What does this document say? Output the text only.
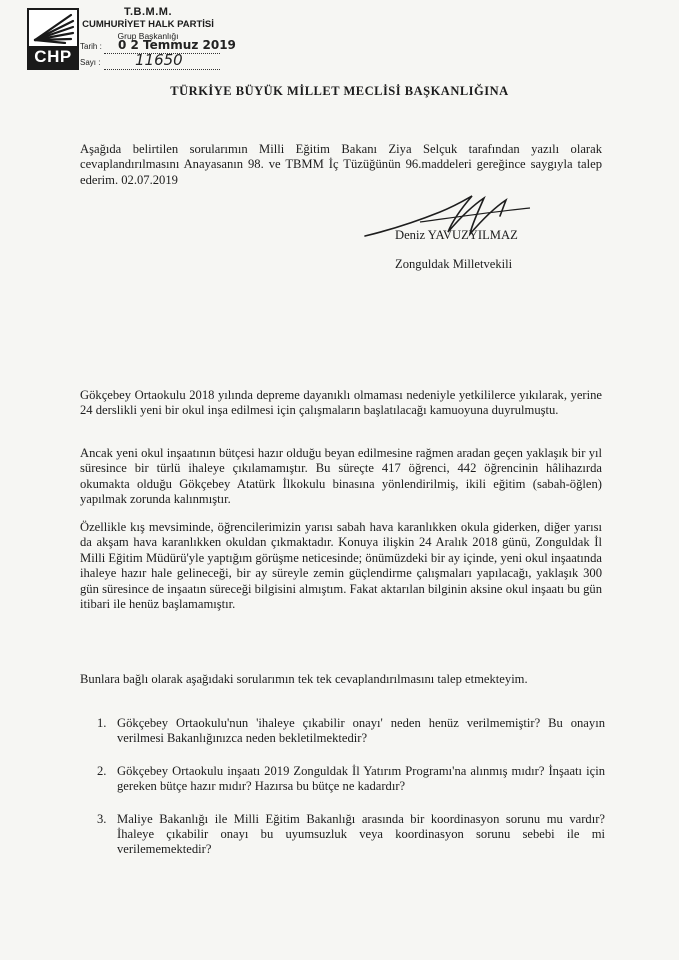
CHP
T.B.M.M.
CUMHURİYET HALK PARTİSİ
Grup Başkanlığı
Tarih : 0 2 Temmuz 2019
Sayı : 11650
TÜRKİYE BÜYÜK MİLLET MECLİSİ BAŞKANLIĞINA
Aşağıda belirtilen sorularımın Milli Eğitim Bakanı Ziya Selçuk tarafından yazılı olarak cevaplandırılmasını Anayasanın 98. ve TBMM İç Tüzüğünün 96.maddeleri gereğince saygıyla talep ederim. 02.07.2019
Deniz YAVUZYILMAZ
Zonguldak Milletvekili
Gökçebey Ortaokulu 2018 yılında depreme dayanıklı olmaması nedeniyle yetkililerce yıkılarak, yerine 24 derslikli yeni bir okul inşa edilmesi için çalışmaların başlatılacağı kamuoyuna duyrulmuştu.
Ancak yeni okul inşaatının bütçesi hazır olduğu beyan edilmesine rağmen aradan geçen yaklaşık bir yıl süresince bir türlü ihaleye çıkılamamıştır. Bu süreçte 417 öğrenci, 442 öğrencinin hâlihazırda okumakta olduğu Gökçebey Atatürk İlkokulu binasına yönlendirilmiş, ikili eğitim (sabah-öğlen) yapılmak zorunda kalınmıştır.
Özellikle kış mevsiminde, öğrencilerimizin yarısı sabah hava karanlıkken okula giderken, diğer yarısı da akşam hava karanlıkken okuldan çıkmaktadır. Konuya ilişkin 24 Aralık 2018 günü, Zonguldak İl Milli Eğitim Müdürü'yle yaptığım görüşme neticesinde; önümüzdeki bir ay içinde, yeni okul inşaatında ihaleye hazır hale gelineceği, bir ay süreyle zemin güçlendirme çalışmaları yapılacağı, yaklaşık 300 gün süresince de inşaatın süreceği bilgisini almıştım. Fakat aktarılan bilginin aksine okul inşaatı bu gün itibari ile henüz başlamamıştır.
Bunlara bağlı olarak aşağıdaki sorularımın tek tek cevaplandırılmasını talep etmekteyim.
1. Gökçebey Ortaokulu'nun 'ihaleye çıkabilir onayı' neden henüz verilmemiştir? Bu onayın verilmesi Bakanlığınızca neden bekletilmektedir?
2. Gökçebey Ortaokulu inşaatı 2019 Zonguldak İl Yatırım Programı'na alınmış mıdır? İnşaatı için gereken bütçe hazır mıdır? Hazırsa bu bütçe ne kadardır?
3. Maliye Bakanlığı ile Milli Eğitim Bakanlığı arasında bir koordinasyon sorunu mu vardır? İhaleye çıkabilir onayı bu uyumsuzluk veya koordinasyon sorunu sebebi ile mi verilememektedir?
